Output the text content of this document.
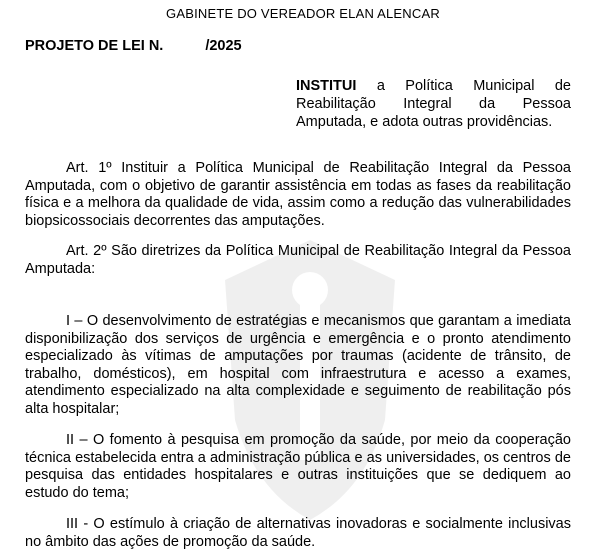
GABINETE DO VEREADOR ELAN ALENCAR
PROJETO DE LEI N.	/2025
INSTITUI a Política Municipal de Reabilitação Integral da Pessoa Amputada, e adota outras providências.

Art. 1º Instituir a Política Municipal de Reabilitação Integral da Pessoa Amputada, com o objetivo de garantir assistência em todas as fases da reabilitação física e a melhora da qualidade de vida, assim como a redução das vulnerabilidades biopsicossociais decorrentes das amputações.

Art. 2º São diretrizes da Política Municipal de Reabilitação Integral da Pessoa Amputada:

I – O desenvolvimento de estratégias e mecanismos que garantam a imediata disponibilização dos serviços de urgência e emergência e o pronto atendimento especializado às vítimas de amputações por traumas (acidente de trânsito, de trabalho, domésticos), em hospital com infraestrutura e acesso a exames, atendimento especializado na alta complexidade e seguimento de reabilitação pós alta hospitalar;

II – O fomento à pesquisa em promoção da saúde, por meio da cooperação técnica estabelecida entra a administração pública e as universidades, os centros de pesquisa das entidades hospitalares e outras instituições que se dediquem ao estudo do tema;

III - O estímulo à criação de alternativas inovadoras e socialmente inclusivas no âmbito das ações de promoção da saúde.
